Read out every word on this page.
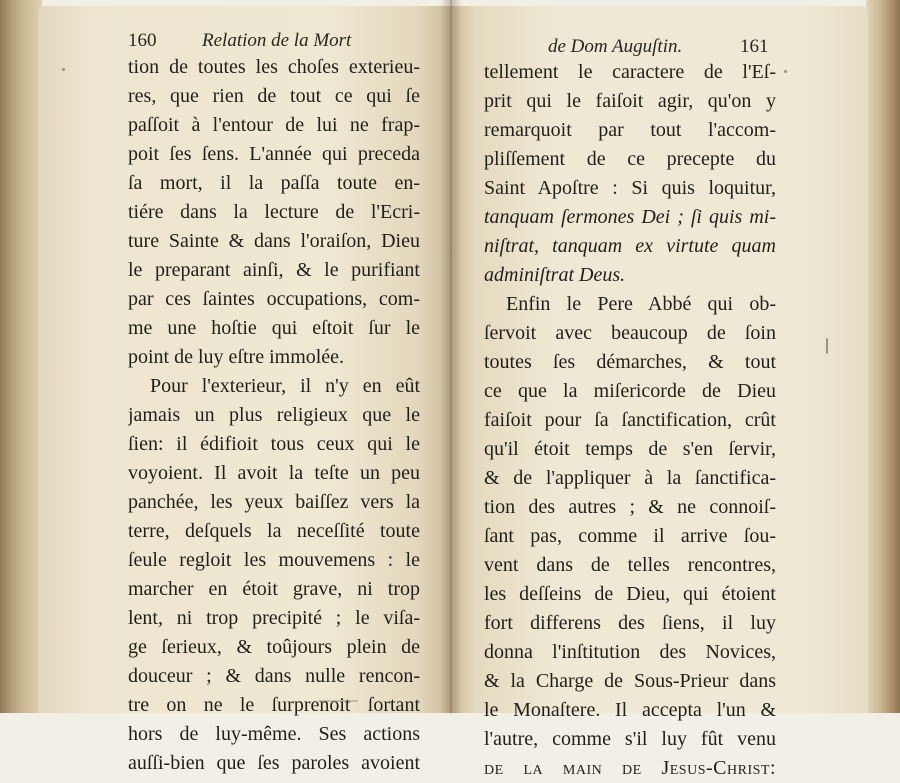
160 Relation de la Mort	de Dom Auguſtin.	161
tion de toutes les choſes exterieu-
res, que rien de tout ce qui ſe
paſſoit à l'entour de lui ne frap-
poit ſes ſens. L'année qui preceda
ſa mort, il la paſſa toute en-
tiére dans la lecture de l'Ecri-
ture Sainte & dans l'oraiſon, Dieu
le preparant ainſi, & le purifiant
par ces ſaintes occupations, com-
me une hoſtie qui eſtoit ſur le
point de luy eſtre immolée.
Pour l'exterieur, il n'y en eût
jamais un plus religieux que le
ſien: il édifioit tous ceux qui le
voyoient. Il avoit la teſte un peu
panchée, les yeux baiſſez vers la
terre, deſquels la neceſſité toute
ſeule regloit les mouvemens : le
marcher en étoit grave, ni trop
lent, ni trop precipité ; le viſa-
ge ſerieux, & toûjours plein de
douceur ; & dans nulle rencon-
tre on ne le ſurprenoit ſortant
hors de luy-même. Ses actions
auſſi-bien que ſes paroles avoient
tellement le caractere de l'Eſ-
prit qui le faiſoit agir, qu'on y
remarquoit par tout l'accom-
pliſſement de ce precepte du
Saint Apoſtre : Si quis loquitur,
tanquam ſermones Dei ; ſi quis mi-
niſtrat, tanquam ex virtute quam
adminiſtrat Deus.
Enfin le Pere Abbé qui ob-
ſervoit avec beaucoup de ſoin
toutes ſes démarches, & tout
ce que la miſericorde de Dieu
faiſoit pour ſa ſanctification, crût
qu'il étoit temps de s'en ſervir,
& de l'appliquer à la ſanctifica-
tion des autres ; & ne connoiſ-
ſant pas, comme il arrive ſou-
vent dans de telles rencontres,
les deſſeins de Dieu, qui étoient
fort differens des ſiens, il luy
donna l'inſtitution des Novices,
& la Charge de Sous-Prieur dans
le Monaſtere. Il accepta l'un &
l'autre, comme s'il luy fût venu
de la main de Jesus-Christ:
